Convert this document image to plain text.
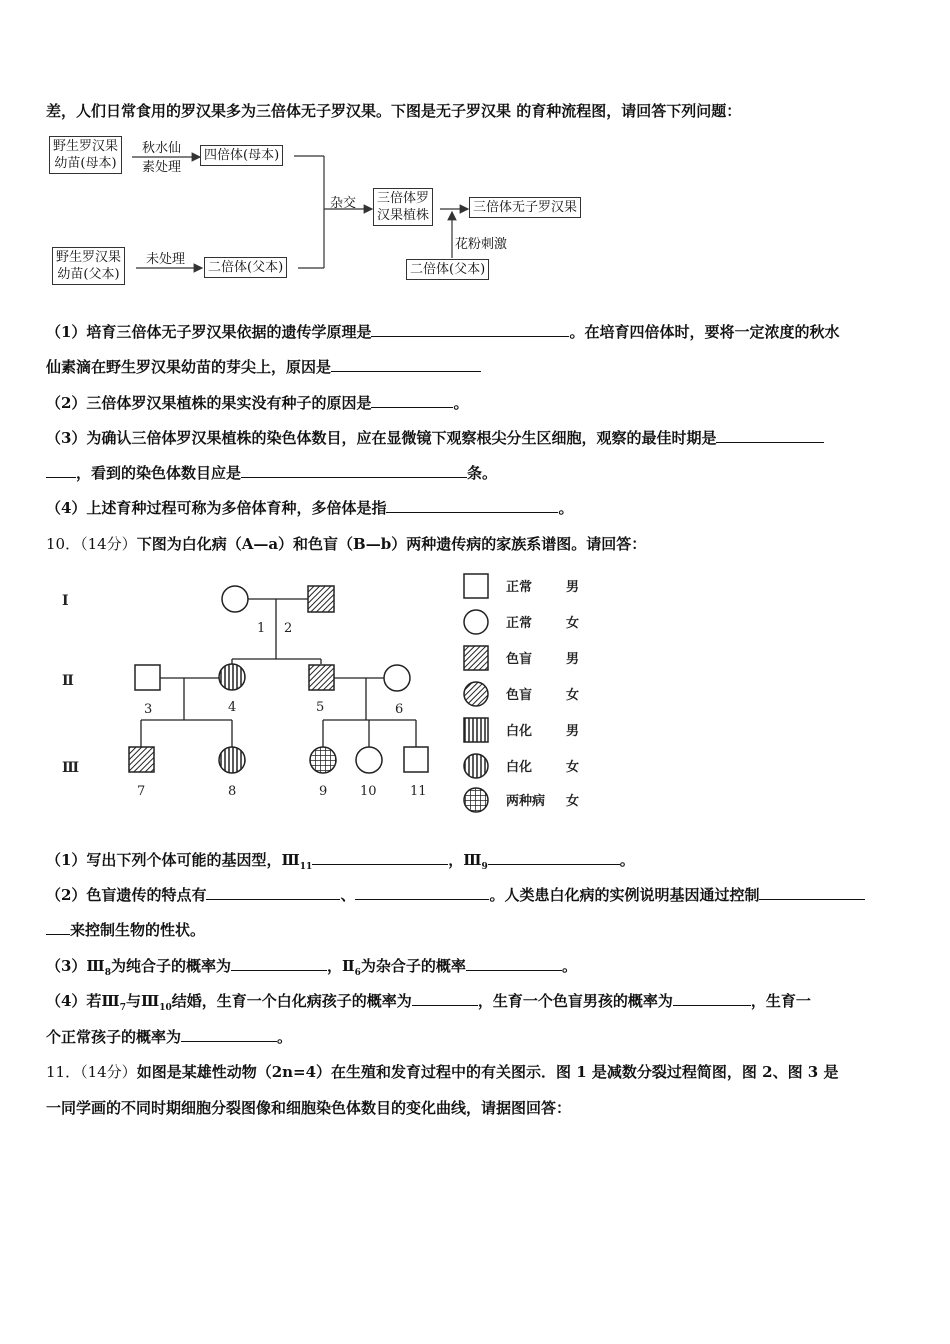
差，人们日常食用的罗汉果多为三倍体无子罗汉果。下图是无子罗汉果 的育种流程图，请回答下列问题：
野生罗汉果
幼苗(母本)
秋水仙
素处理
四倍体(母本)
杂交 三倍体罗
汉果植株
三倍体无子罗汉果
野生罗汉果
幼苗(父本)
未处理
二倍体(父本)
花粉刺激
二倍体(父本)
（1）培育三倍体无子罗汉果依据的遗传学原理是	。在培育四倍体时，要将一定浓度的秋水
仙素滴在野生罗汉果幼苗的芽尖上，原因是
（2）三倍体罗汉果植株的果实没有种子的原因是	。
（3）为确认三倍体罗汉果植株的染色体数目，应在显微镜下观察根尖分生区细胞，观察的最佳时期是
，看到的染色体数目应是	条。
（4）上述育种过程可称为多倍体育种，多倍体是指	。
10．（14分）下图为白化病（A—a）和色盲（B—b）两种遗传病的家族系谱图。请回答：
I
Ⅱ
Ⅲ
1 2
3	4	5	6
7	8	9	10	11
正常	男
正常	女
色盲	男
色盲	女
白化	男
白化	女
两种病 女
（1）写出下列个体可能的基因型，$Ⅲ_{11}$	，$Ⅲ_9$	。
（2）色盲遗传的特点有	、	。人类患白化病的实例说明基因通过控制
来控制生物的性状。
$(3)Ⅲ_8$为纯合子的概率为	，$Ⅱ_6$为杂合子的概率	。
（4）若$Ⅲ_7$与$Ⅲ_{10}$结婚，生育一个白化病孩子的概率为	，生育一个色盲男孩的概率为	，生育一
个正常孩子的概率为	。
11．（14分）如图是某雄性动物（2n=4）在生殖和发育过程中的有关图示．图 1 是减数分裂过程简图，图 2、图 3 是
一同学画的不同时期细胞分裂图像和细胞染色体数目的变化曲线，请据图回答：
